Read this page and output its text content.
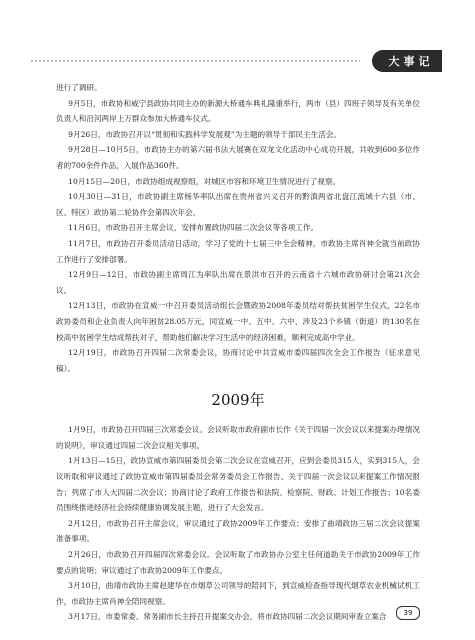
大事记

进行了调研。

9月5日，市政协和威宁县政协共同主办的新源大桥通车典礼隆重举行，两市（县）四班子领导及有关单位负责人和沿河两岸上万群众参加大桥通车仪式。

9月26日，市政协召开以“贯彻和实践科学发展观”为主题的领导干部民主生活会。

9月28日—10月5日，市政协主办的第六届书法大展赛在双龙文化活动中心成功开展，共收到600多位作者的700余件作品，入展作品360件。

10月15日—20日，市政协组成视察组，对城区市容和环境卫生情况进行了视察。

10月30日—31日，市政协副主席杨华率队出席在贵州省兴义召开的黔滇两省北盘江流域十六县（市、区、特区）政协第二轮协作会第四次年会。

11月6日，市政协召开主席会议，安排布置政协四届二次会议等各项工作。

11月7日，市政协召开委员活动日活动，学习了党的十七届三中全会精神，市政协主席肖神全就当前政协工作进行了安排部署。

12月9日—12日，市政协副主席周江为率队出席在景洪市召开的云南省十六城市政协研讨会第21次会议。

12月13日，市政协在宣威一中召开委员活动组长会暨政协2008年委员结对帮扶贫困学生仪式，22名市政协委员和企业负责人向年困贫28.05万元，同宣威一中、五中、六中、涉及23个乡镇（街道）的130名在校高中贫困学生结成帮扶对子，帮助他们解决学习生活中的经济困难，顺利完成高中学业。

12月19日，市政协召开四届二次常委会议，协商讨论中共宣威市委四届四次全会工作报告（征求意见稿）。

2009年

1月9日，市政协召开四届三次常委会议。会议听取市政府副市长作《关于四届一次会议以来提案办理情况的说明》，审议通过四届二次会议相关事项。

1月13日—15日，政协宣威市第四届委员会第二次会议在宣威召开，应到会委员315人，实到315人，会议听取和审议通过了政协宣威市第四届委员会常务委员会工作报告、关于四届一次会议以来提案工作情况报告；列席了市人大四届二次会议；协商讨论了政府工作报告和法院、检察院、财政、计划工作报告；10名委员围绕推进经济社会持续健康协调发展主题，进行了大会发言。

2月12日，市政协召开主席会议，审议通过了政协2009年工作要点；安排了曲靖政协三届二次会议提案准备事项。

2月26日，市政协召开四届四次常委会议。会议听取了市政协办公室主任何道助关于市政协2009年工作要点的说明；审议通过了市政协2009年工作要点。

3月10日，曲靖市政协主席赵建华在市烟草公司领导的陪同下，到宣威检查指导现代烟草农业机械试机工作，市政协主席肖神全陪同视察。

3月17日，市委常委、常务副市长主持召开提案交办会，将市政协四届二次会议期间审查立案合	39
